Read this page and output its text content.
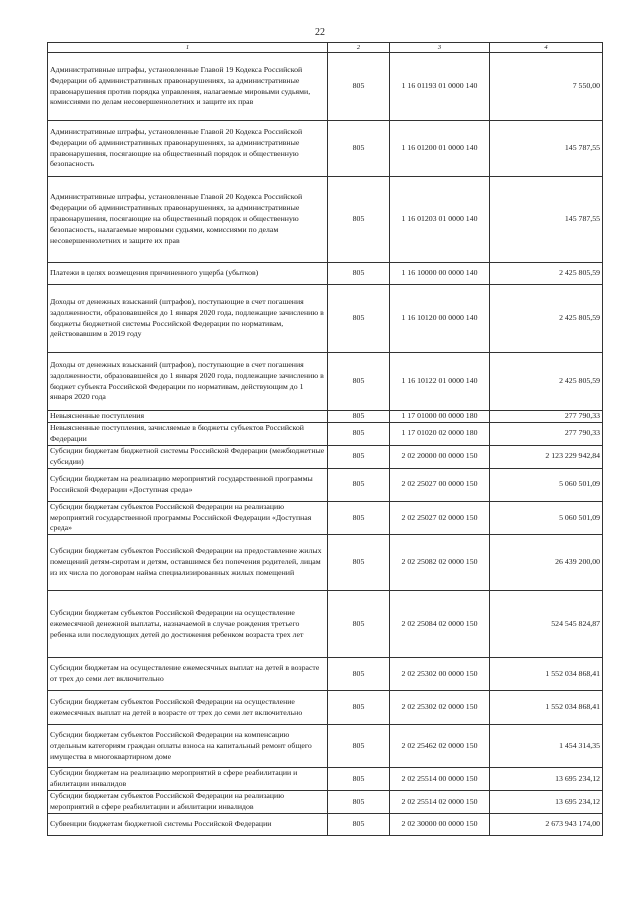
22
1	2	3	4
Административные штрафы, установленные Главой 19 Кодекса Российской Федерации об административных правонарушениях, за административные правонарушения против порядка управления, налагаемые мировыми судьями, комиссиями по делам несовершеннолетних и защите их прав	805	1 16 01193 01 0000 140	7 550,00
Административные штрафы, установленные Главой 20 Кодекса Российской Федерации об административных правонарушениях, за административные правонарушения, посягающие на общественный порядок и общественную безопасность	805	1 16 01200 01 0000 140	145 787,55
Административные штрафы, установленные Главой 20 Кодекса Российской Федерации об административных правонарушениях, за административные правонарушения, посягающие на общественный порядок и общественную безопасность, налагаемые мировыми судьями, комиссиями по делам несовершеннолетних и защите их прав	805	1 16 01203 01 0000 140	145 787,55
Платежи в целях возмещения причиненного ущерба (убытков)	805	1 16 10000 00 0000 140	2 425 805,59
Доходы от денежных взысканий (штрафов), поступающие в счет погашения задолженности, образовавшейся до 1 января 2020 года, подлежащие зачислению в бюджеты бюджетной системы Российской Федерации по нормативам, действовавшим в 2019 году	805	1 16 10120 00 0000 140	2 425 805,59
Доходы от денежных взысканий (штрафов), поступающие в счет погашения задолженности, образовавшейся до 1 января 2020 года, подлежащие зачислению в бюджет субъекта Российской Федерации по нормативам, действующим до 1 января 2020 года	805	1 16 10122 01 0000 140	2 425 805,59
Невыясненные поступления	805	1 17 01000 00 0000 180	277 790,33
Невыясненные поступления, зачисляемые в бюджеты субъектов Российской Федерации	805	1 17 01020 02 0000 180	277 790,33
Субсидии бюджетам бюджетной системы Российской Федерации (межбюджетные субсидии)	805	2 02 20000 00 0000 150	2 123 229 942,84
Субсидии бюджетам на реализацию мероприятий государственной программы Российской Федерации «Доступная среда»	805	2 02 25027 00 0000 150	5 060 501,09
Субсидии бюджетам субъектов Российской Федерации на реализацию мероприятий государственной программы Российской Федерации «Доступная среда»	805	2 02 25027 02 0000 150	5 060 501,09
Субсидии бюджетам субъектов Российской Федерации на предоставление жилых помещений детям-сиротам и детям, оставшимся без попечения родителей, лицам из их числа по договорам найма специализированных жилых помещений	805	2 02 25082 02 0000 150	26 439 200,00
Субсидии бюджетам субъектов Российской Федерации на осуществление ежемесячной денежной выплаты, назначаемой в случае рождения третьего ребенка или последующих детей до достижения ребенком возраста трех лет	805	2 02 25084 02 0000 150	524 545 824,87
Субсидии бюджетам на осуществление ежемесячных выплат на детей в возрасте от трех до семи лет включительно	805	2 02 25302 00 0000 150	1 552 034 868,41
Субсидии бюджетам субъектов Российской Федерации на осуществление ежемесячных выплат на детей в возрасте от трех до семи лет включительно	805	2 02 25302 02 0000 150	1 552 034 868,41
Субсидии бюджетам субъектов Российской Федерации на компенсацию отдельным категориям граждан оплаты взноса на капитальный ремонт общего имущества в многоквартирном доме	805	2 02 25462 02 0000 150	1 454 314,35
Субсидии бюджетам на реализацию мероприятий в сфере реабилитации и абилитации инвалидов	805	2 02 25514 00 0000 150	13 695 234,12
Субсидии бюджетам субъектов Российской Федерации на реализацию мероприятий в сфере реабилитации и абилитации инвалидов	805	2 02 25514 02 0000 150	13 695 234,12
Субвенции бюджетам бюджетной системы Российской Федерации	805	2 02 30000 00 0000 150	2 673 943 174,00
